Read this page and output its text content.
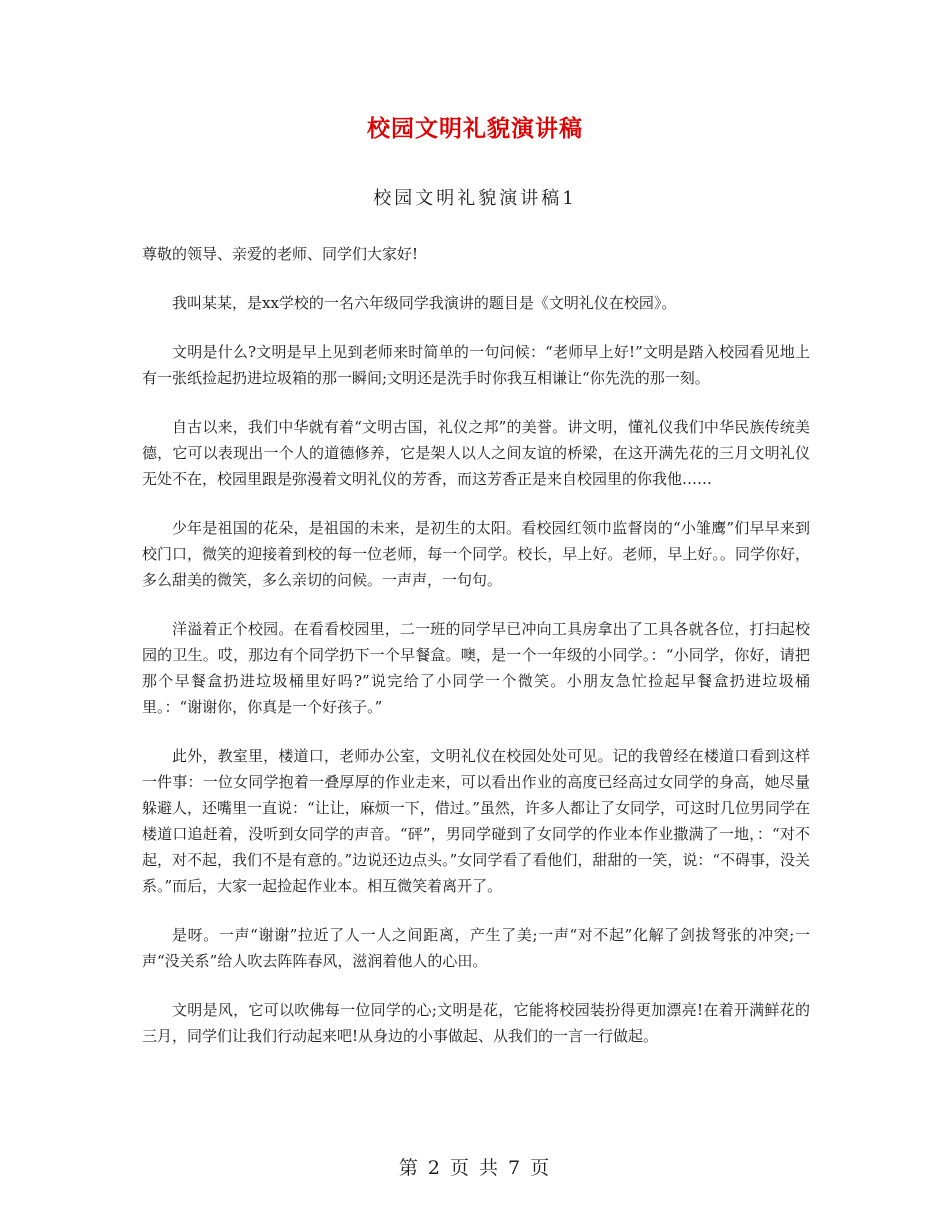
校园文明礼貌演讲稿
校园文明礼貌演讲稿1

尊敬的领导、亲爱的老师、同学们大家好!

我叫某某，是xx学校的一名六年级同学我演讲的题目是《文明礼仪在校园》。

文明是什么?文明是早上见到老师来时简单的一句问候：“老师早上好!”文明是踏入校园看见地上有一张纸捡起扔进垃圾箱的那一瞬间;文明还是洗手时你我互相谦让“你先洗的那一刻。

自古以来，我们中华就有着“文明古国，礼仪之邦”的美誉。讲文明，懂礼仪我们中华民族传统美德，它可以表现出一个人的道德修养，它是架人以人之间友谊的桥梁，在这开满先花的三月文明礼仪无处不在，校园里跟是弥漫着文明礼仪的芳香，而这芳香正是来自校园里的你我他……

少年是祖国的花朵，是祖国的未来，是初生的太阳。看校园红领巾监督岗的“小雏鹰”们早早来到校门口，微笑的迎接着到校的每一位老师，每一个同学。校长，早上好。老师，早上好。。同学你好，多么甜美的微笑，多么亲切的问候。一声声，一句句。

洋溢着正个校园。在看看校园里，二一班的同学早已冲向工具房拿出了工具各就各位，打扫起校园的卫生。哎，那边有个同学扔下一个早餐盒。噢，是一个一年级的小同学。：“小同学，你好，请把那个早餐盒扔进垃圾桶里好吗?”说完给了小同学一个微笑。小朋友急忙捡起早餐盒扔进垃圾桶里。：“谢谢你，你真是一个好孩子。”

此外，教室里，楼道口，老师办公室，文明礼仪在校园处处可见。记的我曾经在楼道口看到这样一件事：一位女同学抱着一叠厚厚的作业走来，可以看出作业的高度已经高过女同学的身高，她尽量躲避人，还嘴里一直说：“让让，麻烦一下，借过。”虽然，许多人都让了女同学，可这时几位男同学在楼道口追赶着，没听到女同学的声音。“砰”，男同学碰到了女同学的作业本作业撒满了一地，：“对不起，对不起，我们不是有意的。”边说还边点头。”女同学看了看他们，甜甜的一笑，说：“不碍事，没关系。”而后，大家一起捡起作业本。相互微笑着离开了。

是呀。一声“谢谢”拉近了人一人之间距离，产生了美;一声“对不起”化解了剑拔弩张的冲突;一声“没关系”给人吹去阵阵春风，滋润着他人的心田。

文明是风，它可以吹佛每一位同学的心;文明是花，它能将校园装扮得更加漂亮!在着开满鲜花的三月，同学们让我们行动起来吧!从身边的小事做起、从我们的一言一行做起。

第 2 页 共 7 页
